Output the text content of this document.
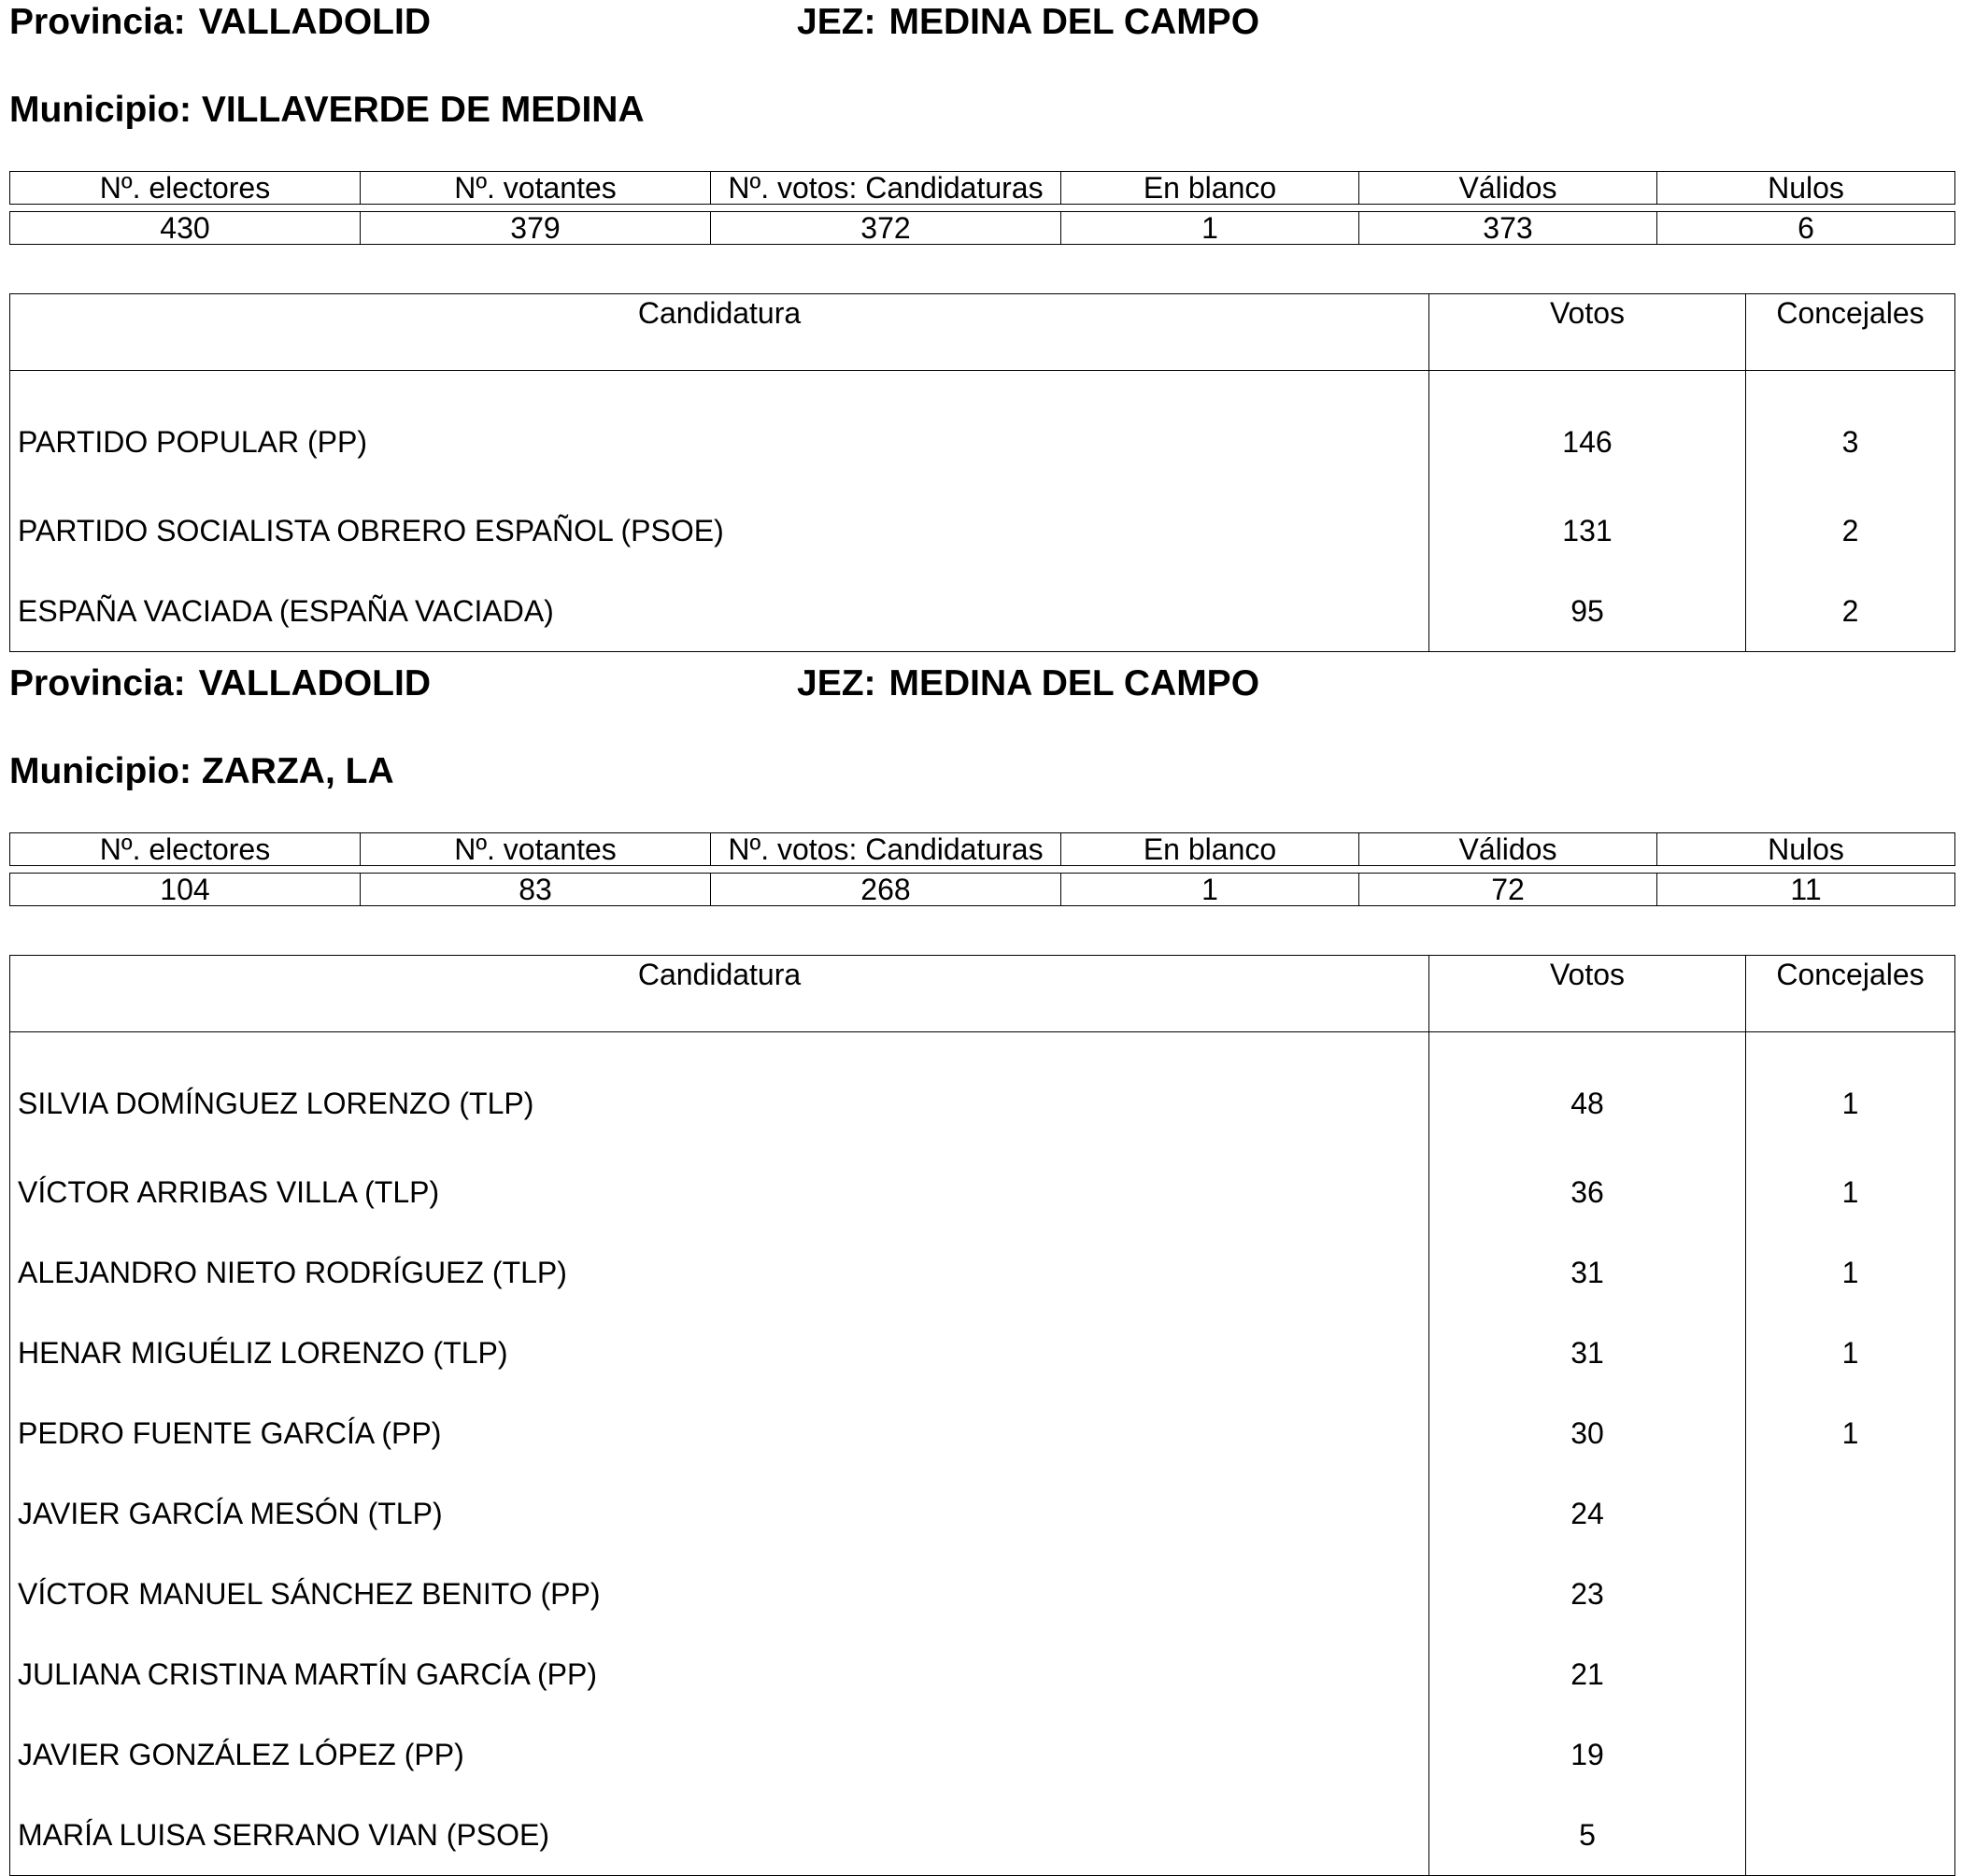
Provincia: VALLADOLID	JEZ: MEDINA DEL CAMPO
Municipio: VILLAVERDE DE MEDINA
Nº. electores	Nº. votantes	Nº. votos: Candidaturas	En blanco	Válidos	Nulos
430	379	372	1	373	6
Candidatura	Votos	Concejales
PARTIDO POPULAR (PP)	146	3
PARTIDO SOCIALISTA OBRERO ESPAÑOL (PSOE)	131	2
ESPAÑA VACIADA (ESPAÑA VACIADA)	95	2
Provincia: VALLADOLID	JEZ: MEDINA DEL CAMPO
Municipio: ZARZA, LA
Nº. electores	Nº. votantes	Nº. votos: Candidaturas	En blanco	Válidos	Nulos
104	83	268	1	72	11
Candidatura	Votos	Concejales
SILVIA DOMÍNGUEZ LORENZO (TLP)	48	1
VÍCTOR ARRIBAS VILLA (TLP)	36	1
ALEJANDRO NIETO RODRÍGUEZ (TLP)	31	1
HENAR MIGUÉLIZ LORENZO (TLP)	31	1
PEDRO FUENTE GARCÍA (PP)	30	1
JAVIER GARCÍA MESÓN (TLP)	24	
VÍCTOR MANUEL SÁNCHEZ BENITO (PP)	23	
JULIANA CRISTINA MARTÍN GARCÍA (PP)	21	
JAVIER GONZÁLEZ LÓPEZ (PP)	19	
MARÍA LUISA SERRANO VIAN (PSOE)	5	
